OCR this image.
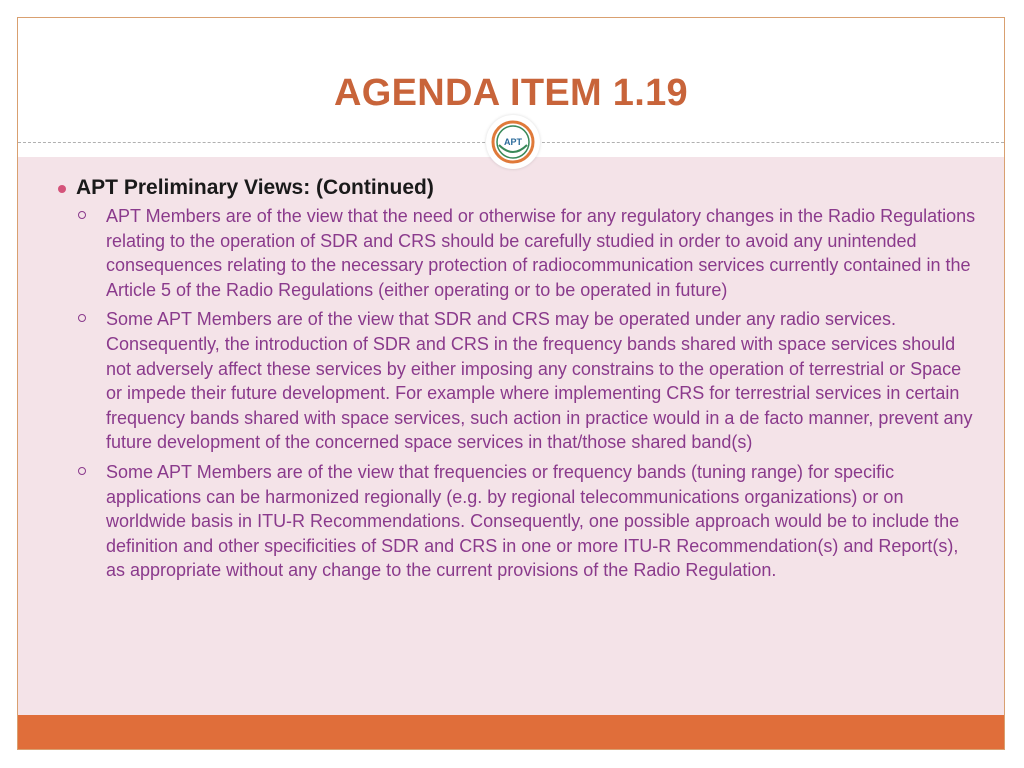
AGENDA ITEM 1.19
APT
APT Preliminary Views: (Continued)
APT Members are of the view that the need or otherwise for any regulatory changes in the Radio Regulations relating to the operation of SDR and CRS should be carefully studied in order to avoid any unintended consequences relating to the necessary protection of radiocommunication services currently contained in the Article 5 of the Radio Regulations (either operating or to be operated in future)
Some APT Members are of the view that SDR and CRS may be operated under any radio services. Consequently, the introduction of SDR and CRS in the frequency bands shared with space services should not adversely affect these services by either imposing any constrains to the operation of terrestrial or Space or impede their future development. For example where implementing CRS for terrestrial services in certain frequency bands shared with space services, such action in practice would in a de facto manner, prevent any future development of the concerned space services in that/those shared band(s)
Some APT Members are of the view that frequencies or frequency bands (tuning range) for specific applications can be harmonized regionally (e.g. by regional telecommunications organizations) or on worldwide basis in ITU-R Recommendations. Consequently, one possible approach would be to include the definition and other specificities of SDR and CRS in one or more ITU-R Recommendation(s) and Report(s), as appropriate without any change to the current provisions of the Radio Regulation.
